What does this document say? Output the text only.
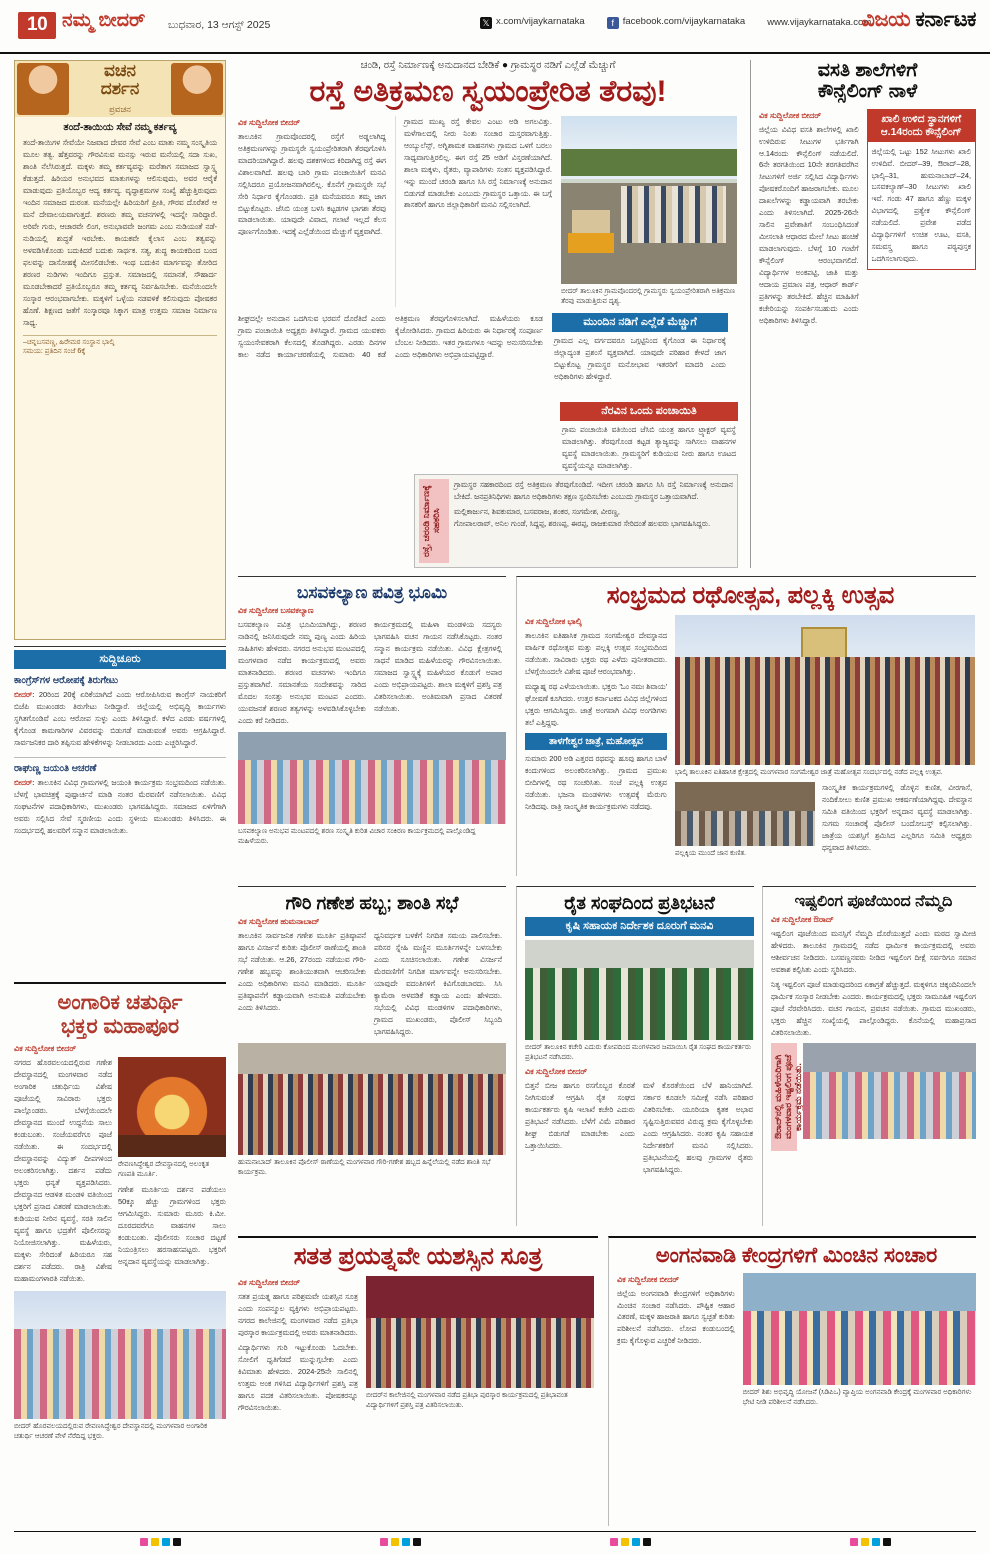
10 ನಮ್ಮ ಬೀದರ್ ಬುಧವಾರ, 13 ಆಗಸ್ಟ್ 2025	𝕏 x.com/vijaykarnataka	f facebook.com/vijaykarnataka www.vijaykarnataka.com
ವಿಜಯ ಕರ್ನಾಟಕ
ವಚನ
ದರ್ಶನ
ಪ್ರವಚನ
ತಂದೆ-ತಾಯಿಯ ಸೇವೆ ನಮ್ಮ ಕರ್ತವ್ಯ
ತಂದೆ-ತಾಯಿಗಳ ಸೇವೆಯೇ ನಿಜವಾದ ದೇವರ ಸೇವೆ ಎಂಬ ಮಾತು ನಮ್ಮ ಸಂಸ್ಕೃತಿಯ ಮೂಲ ತತ್ವ. ಹೆತ್ತವರನ್ನು ಗೌರವಿಸುವ ಮನಸ್ಸು ಇರುವ ಮನೆಯಲ್ಲಿ ಸದಾ ಸುಖ, ಶಾಂತಿ ನೆಲೆಸಿರುತ್ತದೆ. ಮಕ್ಕಳು ತಮ್ಮ ಕರ್ತವ್ಯವನ್ನು ಮರೆತಾಗ ಸಮಾಜದ ಸ್ವಾಸ್ಥ್ಯ ಕೆಡುತ್ತದೆ. ಹಿರಿಯರ ಅನುಭವದ ಮಾತುಗಳನ್ನು ಆಲಿಸುವುದು, ಅವರ ಆರೈಕೆ ಮಾಡುವುದು ಪ್ರತಿಯೊಬ್ಬರ ಆದ್ಯ ಕರ್ತವ್ಯ. ವೃದ್ಧಾಶ್ರಮಗಳ ಸಂಖ್ಯೆ ಹೆಚ್ಚುತ್ತಿರುವುದು ಇಂದಿನ ಸಮಾಜದ ದುರಂತ. ಮನೆಯಲ್ಲೇ ಹಿರಿಯರಿಗೆ ಪ್ರೀತಿ, ಗೌರವ ದೊರೆತರೆ ಆ ಮನೆ ದೇವಾಲಯವಾಗುತ್ತದೆ. ಶರಣರು ತಮ್ಮ ವಚನಗಳಲ್ಲಿ ಇದನ್ನೇ ಸಾರಿದ್ದಾರೆ. ಅರಿವೇ ಗುರು, ಆಚಾರವೇ ಲಿಂಗ, ಅನುಭಾವವೇ ಜಂಗಮ ಎಂಬ ನುಡಿಯಂತೆ ನಡೆ-ನುಡಿಯಲ್ಲಿ ಶುದ್ಧತೆ ಇರಬೇಕು. ಕಾಯಕವೇ ಕೈಲಾಸ ಎಂಬ ತತ್ವವನ್ನು ಅಳವಡಿಸಿಕೊಂಡು ಬದುಕಿದರೆ ಬದುಕು ಸಾರ್ಥಕ. ಸತ್ಯ, ಶುದ್ಧ ಕಾಯಕದಿಂದ ಬಂದ ಫಲವನ್ನು ದಾಸೋಹಕ್ಕೆ ಮೀಸಲಿಡಬೇಕು. ಇಂಥ ಬದುಕಿನ ಮಾರ್ಗವನ್ನು ತೋರಿದ ಶರಣರ ನುಡಿಗಳು ಇಂದಿಗೂ ಪ್ರಸ್ತುತ. ಸಮಾಜದಲ್ಲಿ ಸಮಾನತೆ, ಸೌಹಾರ್ದ ಮೂಡಬೇಕಾದರೆ ಪ್ರತಿಯೊಬ್ಬರೂ ತಮ್ಮ ಕರ್ತವ್ಯ ನಿರ್ವಹಿಸಬೇಕು. ಮನೆಯಿಂದಲೇ ಸಂಸ್ಕಾರ ಆರಂಭವಾಗಬೇಕು. ಮಕ್ಕಳಿಗೆ ಒಳ್ಳೆಯ ನಡವಳಿಕೆ ಕಲಿಸುವುದು ಪೋಷಕರ ಹೊಣೆ. ಶಿಕ್ಷಣದ ಜತೆಗೆ ಸಂಸ್ಕಾರವೂ ಸಿಕ್ಕಾಗ ಮಾತ್ರ ಉತ್ತಮ ಸಮಾಜ ನಿರ್ಮಾಣ ಸಾಧ್ಯ.
–ಚನ್ನಬಸವಣ್ಣ, ಹಿರೇಮಠ ಸಂಸ್ಥಾನ ಭಾಲ್ಕಿ
ಸಮಯ: ಪ್ರತಿದಿನ ಸಂಜೆ 6ಕ್ಕೆ
ಸುದ್ದಿಚೂರು
ಕಾಂಗ್ರೆಸ್‌ಗಳ ಆರೋಪಕ್ಕೆ ತಿರುಗೇಟು
ಬೀದರ್: 20ರಿಂದ 20ಕ್ಕೆ ಏರಿಕೆಯಾಗಿದೆ ಎಂದು ಆರೋಪಿಸಿರುವ ಕಾಂಗ್ರೆಸ್ ನಾಯಕರಿಗೆ ಬಿಜೆಪಿ ಮುಖಂಡರು ತಿರುಗೇಟು ನೀಡಿದ್ದಾರೆ. ಜಿಲ್ಲೆಯಲ್ಲಿ ಅಭಿವೃದ್ಧಿ ಕಾರ್ಯಗಳು ಸ್ಥಗಿತಗೊಂಡಿವೆ ಎಂಬ ಆರೋಪ ಸುಳ್ಳು ಎಂದು ತಿಳಿಸಿದ್ದಾರೆ. ಕಳೆದ ಎರಡು ವರ್ಷಗಳಲ್ಲಿ ಕೈಗೊಂಡ ಕಾಮಗಾರಿಗಳ ವಿವರವನ್ನು ಬಿಡುಗಡೆ ಮಾಡುವಂತೆ ಅವರು ಆಗ್ರಹಿಸಿದ್ದಾರೆ. ಸಾರ್ವಜನಿಕರ ದಾರಿ ತಪ್ಪಿಸುವ ಹೇಳಿಕೆಗಳನ್ನು ನೀಡಬಾರದು ಎಂದು ಎಚ್ಚರಿಸಿದ್ದಾರೆ.
ರಾಘುಣ್ಣ ಜಯಂತಿ ಆಚರಣೆ
ಬೀದರ್: ತಾಲೂಕಿನ ವಿವಿಧ ಗ್ರಾಮಗಳಲ್ಲಿ ಜಯಂತಿ ಕಾರ್ಯಕ್ರಮ ಸಂಭ್ರಮದಿಂದ ನಡೆಯಿತು. ಬೆಳಗ್ಗೆ ಭಾವಚಿತ್ರಕ್ಕೆ ಪುಷ್ಪಾರ್ಚನೆ ಮಾಡಿ ನಂತರ ಮೆರವಣಿಗೆ ನಡೆಸಲಾಯಿತು. ವಿವಿಧ ಸಂಘಟನೆಗಳ ಪದಾಧಿಕಾರಿಗಳು, ಮುಖಂಡರು ಭಾಗವಹಿಸಿದ್ದರು. ಸಮಾಜದ ಏಳಿಗೆಗಾಗಿ ಅವರು ಸಲ್ಲಿಸಿದ ಸೇವೆ ಸ್ಮರಣೀಯ ಎಂದು ಸ್ಥಳೀಯ ಮುಖಂಡರು ತಿಳಿಸಿದರು. ಈ ಸಂದರ್ಭದಲ್ಲಿ ಹಲವರಿಗೆ ಸನ್ಮಾನ ಮಾಡಲಾಯಿತು.
ಅಂಗಾರಿಕ ಚತುರ್ಥಿ
ಭಕ್ತರ ಮಹಾಪೂರ
ವಿಕ ಸುದ್ದಿಲೋಕ ಬೀದರ್
ನಗರದ ಹೊರವಲಯದಲ್ಲಿರುವ ಗಣೇಶ ದೇವಸ್ಥಾನದಲ್ಲಿ ಮಂಗಳವಾರ ನಡೆದ ಅಂಗಾರಿಕ ಚತುರ್ಥಿಯ ವಿಶೇಷ ಪೂಜೆಯಲ್ಲಿ ಸಾವಿರಾರು ಭಕ್ತರು ಪಾಲ್ಗೊಂಡರು. ಬೆಳಗ್ಗೆಯಿಂದಲೇ ದೇವಸ್ಥಾನದ ಮುಂದೆ ಉದ್ದನೆಯ ಸಾಲು ಕಂಡುಬಂತು. ಸಂಜೆಯವರೆಗೂ ಪೂಜೆ ನಡೆಯಿತು. ಈ ಸಂದರ್ಭದಲ್ಲಿ ದೇವಸ್ಥಾನವನ್ನು ವಿದ್ಯುತ್ ದೀಪಗಳಿಂದ ಅಲಂಕರಿಸಲಾಗಿತ್ತು. ದರ್ಶನ ಪಡೆದು ಭಕ್ತರು ಧನ್ಯತೆ ವ್ಯಕ್ತಪಡಿಸಿದರು. ದೇವಸ್ಥಾನದ ಆಡಳಿತ ಮಂಡಳಿ ವತಿಯಿಂದ ಭಕ್ತರಿಗೆ ಪ್ರಸಾದ ವಿತರಣೆ ಮಾಡಲಾಯಿತು. ಕುಡಿಯುವ ನೀರಿನ ವ್ಯವಸ್ಥೆ, ಸರತಿ ಸಾಲಿನ ವ್ಯವಸ್ಥೆ ಹಾಗೂ ಭದ್ರತೆಗೆ ಪೊಲೀಸರನ್ನು ನಿಯೋಜಿಸಲಾಗಿತ್ತು. ಮಹಿಳೆಯರು, ಮಕ್ಕಳು ಸೇರಿದಂತೆ ಹಿರಿಯರೂ ಸಹ ದರ್ಶನ ಪಡೆದರು. ರಾತ್ರಿ ವಿಶೇಷ ಮಹಾಮಂಗಳಾರತಿ ನಡೆಯಿತು.
ರೇವಣಸಿದ್ಧೇಶ್ವರ ದೇವಸ್ಥಾನದಲ್ಲಿ ಅಲಂಕೃತ ಗಣಪತಿ ಮೂರ್ತಿ.
ಗಣೇಶ ಮೂರ್ತಿಯ ದರ್ಶನ ಪಡೆಯಲು 50ಕ್ಕೂ ಹೆಚ್ಚು ಗ್ರಾಮಗಳಿಂದ ಭಕ್ತರು ಆಗಮಿಸಿದ್ದರು. ಸುಮಾರು ಮೂರು ಕಿ.ಮೀ. ದೂರದವರೆಗೂ ವಾಹನಗಳ ಸಾಲು ಕಂಡುಬಂತು. ಪೊಲೀಸರು ಸಂಚಾರ ದಟ್ಟಣೆ ನಿಯಂತ್ರಿಸಲು ಹರಸಾಹಸಪಟ್ಟರು. ಭಕ್ತರಿಗೆ ಅನ್ನದಾನ ವ್ಯವಸ್ಥೆಯನ್ನು ಮಾಡಲಾಗಿತ್ತು.
ಬೀದರ್ ಹೊರವಲಯದಲ್ಲಿರುವ ರೇವಣಸಿದ್ಧೇಶ್ವರ ದೇವಸ್ಥಾನದಲ್ಲಿ ಮಂಗಳವಾರ ಅಂಗಾರಿಕ ಚತುರ್ಥಿ ಆಚರಣೆ ವೇಳೆ ನೆರೆದಿದ್ದ ಭಕ್ತರು.
ಚಂಡಿ, ರಸ್ತೆ ನಿರ್ಮಾಣಕ್ಕೆ ಅನುದಾನದ ಬೇಡಿಕೆ ● ಗ್ರಾಮಸ್ಥರ ನಡಿಗೆ ಎಲ್ಲೆಡೆ ಮೆಚ್ಚುಗೆ
ರಸ್ತೆ ಅತಿಕ್ರಮಣ ಸ್ವಯಂಪ್ರೇರಿತ ತೆರವು!
ವಿಕ ಸುದ್ದಿಲೋಕ ಬೀದರ್
ತಾಲೂಕಿನ ಗ್ರಾಮವೊಂದರಲ್ಲಿ ರಸ್ತೆಗೆ ಅಡ್ಡಲಾಗಿದ್ದ ಅತಿಕ್ರಮಣಗಳನ್ನು ಗ್ರಾಮಸ್ಥರೇ ಸ್ವಯಂಪ್ರೇರಿತರಾಗಿ ತೆರವುಗೊಳಿಸಿ ಮಾದರಿಯಾಗಿದ್ದಾರೆ. ಹಲವು ದಶಕಗಳಿಂದ ಕಿರಿದಾಗಿದ್ದ ರಸ್ತೆ ಈಗ ವಿಶಾಲವಾಗಿದೆ. ಹಲವು ಬಾರಿ ಗ್ರಾಮ ಪಂಚಾಯಿತಿಗೆ ಮನವಿ ಸಲ್ಲಿಸಿದರೂ ಪ್ರಯೋಜನವಾಗಿರಲಿಲ್ಲ. ಕೊನೆಗೆ ಗ್ರಾಮಸ್ಥರೇ ಸಭೆ ಸೇರಿ ನಿರ್ಧಾರ ಕೈಗೊಂಡರು. ಪ್ರತಿ ಮನೆಯವರೂ ತಮ್ಮ ಜಾಗ ಬಿಟ್ಟುಕೊಟ್ಟರು. ಜೆಸಿಬಿ ಯಂತ್ರ ಬಳಸಿ ಕಟ್ಟಡಗಳ ಭಾಗಶಃ ತೆರವು ಮಾಡಲಾಯಿತು. ಯಾವುದೇ ವಿವಾದ, ಗಲಾಟೆ ಇಲ್ಲದೆ ಕೆಲಸ ಪೂರ್ಣಗೊಂಡಿತು. ಇದಕ್ಕೆ ಎಲ್ಲೆಡೆಯಿಂದ ಮೆಚ್ಚುಗೆ ವ್ಯಕ್ತವಾಗಿದೆ.
ಗ್ರಾಮದ ಮುಖ್ಯ ರಸ್ತೆ ಕೇವಲ ಎಂಟು ಅಡಿ ಅಗಲವಿತ್ತು. ಮಳೆಗಾಲದಲ್ಲಿ ನೀರು ನಿಂತು ಸಂಚಾರ ದುಸ್ತರವಾಗುತ್ತಿತ್ತು. ಆಂಬ್ಯುಲೆನ್ಸ್, ಅಗ್ನಿಶಾಮಕ ವಾಹನಗಳು ಗ್ರಾಮದ ಒಳಗೆ ಬರಲು ಸಾಧ್ಯವಾಗುತ್ತಿರಲಿಲ್ಲ. ಈಗ ರಸ್ತೆ 25 ಅಡಿಗೆ ವಿಸ್ತರಣೆಯಾಗಿದೆ. ಶಾಲಾ ಮಕ್ಕಳು, ರೈತರು, ವ್ಯಾಪಾರಿಗಳು ಸಂತಸ ವ್ಯಕ್ತಪಡಿಸಿದ್ದಾರೆ. ಇನ್ನು ಮುಂದೆ ಚರಂಡಿ ಹಾಗೂ ಸಿಸಿ ರಸ್ತೆ ನಿರ್ಮಾಣಕ್ಕೆ ಅನುದಾನ ಬಿಡುಗಡೆ ಮಾಡಬೇಕು ಎಂಬುದು ಗ್ರಾಮಸ್ಥರ ಒತ್ತಾಯ. ಈ ಬಗ್ಗೆ ಶಾಸಕರಿಗೆ ಹಾಗೂ ಜಿಲ್ಲಾಧಿಕಾರಿಗೆ ಮನವಿ ಸಲ್ಲಿಸಲಾಗಿದೆ.
ಬೀದರ್ ತಾಲೂಕಿನ ಗ್ರಾಮವೊಂದರಲ್ಲಿ ಗ್ರಾಮಸ್ಥರು ಸ್ವಯಂಪ್ರೇರಿತರಾಗಿ ಅತಿಕ್ರಮಣ ತೆರವು ಮಾಡುತ್ತಿರುವ ದೃಶ್ಯ.
ಶೀಘ್ರದಲ್ಲೇ ಅನುದಾನ ಒದಗಿಸುವ ಭರವಸೆ ದೊರೆತಿದೆ ಎಂದು ಗ್ರಾಮ ಪಂಚಾಯಿತಿ ಅಧ್ಯಕ್ಷರು ತಿಳಿಸಿದ್ದಾರೆ. ಗ್ರಾಮದ ಯುವಕರು ಸ್ವಯಂಸೇವಕರಾಗಿ ಕೆಲಸದಲ್ಲಿ ತೊಡಗಿದ್ದರು. ಎರಡು ದಿನಗಳ ಕಾಲ ನಡೆದ ಕಾರ್ಯಾಚರಣೆಯಲ್ಲಿ ಸುಮಾರು 40 ಕಡೆ ಅತಿಕ್ರಮಣ ತೆರವುಗೊಳಿಸಲಾಗಿದೆ. ಮಹಿಳೆಯರು ಕೂಡ ಕೈಜೋಡಿಸಿದರು. ಗ್ರಾಮದ ಹಿರಿಯರು ಈ ನಿರ್ಧಾರಕ್ಕೆ ಸಂಪೂರ್ಣ ಬೆಂಬಲ ನೀಡಿದರು. ಇತರ ಗ್ರಾಮಗಳೂ ಇದನ್ನು ಅನುಸರಿಸಬೇಕು ಎಂದು ಅಧಿಕಾರಿಗಳು ಅಭಿಪ್ರಾಯಪಟ್ಟಿದ್ದಾರೆ.
ಮುಂದಿನ ನಡಿಗೆ ಎಲ್ಲೆಡೆ ಮೆಚ್ಚುಗೆ
ಗ್ರಾಮದ ಎಲ್ಲ ವರ್ಗದವರೂ ಒಗ್ಗಟ್ಟಿನಿಂದ ಕೈಗೊಂಡ ಈ ನಿರ್ಧಾರಕ್ಕೆ ಜಿಲ್ಲಾದ್ಯಂತ ಪ್ರಶಂಸೆ ವ್ಯಕ್ತವಾಗಿದೆ. ಯಾವುದೇ ಪರಿಹಾರ ಕೇಳದೆ ಜಾಗ ಬಿಟ್ಟುಕೊಟ್ಟ ಗ್ರಾಮಸ್ಥರ ಮನೋಭಾವ ಇತರರಿಗೆ ಮಾದರಿ ಎಂದು ಅಧಿಕಾರಿಗಳು ಹೇಳಿದ್ದಾರೆ.
ನೆರವಿನ ಒಂದು ಪಂಚಾಯಿತಿ
ಗ್ರಾಮ ಪಂಚಾಯಿತಿ ವತಿಯಿಂದ ಜೆಸಿಬಿ ಯಂತ್ರ ಹಾಗೂ ಟ್ರ್ಯಾಕ್ಟರ್ ವ್ಯವಸ್ಥೆ ಮಾಡಲಾಗಿತ್ತು. ತೆರವುಗೊಂಡ ಕಟ್ಟಡ ತ್ಯಾಜ್ಯವನ್ನು ಸಾಗಿಸಲು ವಾಹನಗಳ ವ್ಯವಸ್ಥೆ ಮಾಡಲಾಯಿತು. ಗ್ರಾಮಸ್ಥರಿಗೆ ಕುಡಿಯುವ ನೀರು ಹಾಗೂ ಊಟದ ವ್ಯವಸ್ಥೆಯನ್ನೂ ಮಾಡಲಾಗಿತ್ತು.
ರಸ್ತೆ, ಚರಂಡಿ ನಿರ್ಮಾಣಕ್ಕೆ ಸಹಕರಿಸಿ
ಗ್ರಾಮಸ್ಥರ ಸಹಕಾರದಿಂದ ರಸ್ತೆ ಅತಿಕ್ರಮಣ ತೆರವುಗೊಂಡಿದೆ. ಇದೀಗ ಚರಂಡಿ ಹಾಗೂ ಸಿಸಿ ರಸ್ತೆ ನಿರ್ಮಾಣಕ್ಕೆ ಅನುದಾನ ಬೇಕಿದೆ. ಜನಪ್ರತಿನಿಧಿಗಳು ಹಾಗೂ ಅಧಿಕಾರಿಗಳು ತಕ್ಷಣ ಸ್ಪಂದಿಸಬೇಕು ಎಂಬುದು ಗ್ರಾಮಸ್ಥರ ಒತ್ತಾಯವಾಗಿದೆ.
ಮಲ್ಲಿಕಾರ್ಜುನ, ಶಿವಕುಮಾರ, ಬಸವರಾಜ, ಶಂಕರ, ಸಂಗಮೇಶ, ವೀರಣ್ಣ,
ಗೋಪಾಲರಾವ್, ಅನಿಲ ಗುಂಡೆ, ಸಿದ್ದಪ್ಪ, ಶರಣಪ್ಪ, ಈರಪ್ಪ, ರಾಜಕುಮಾರ ಸೇರಿದಂತೆ ಹಲವರು ಭಾಗವಹಿಸಿದ್ದರು.
ವಸತಿ ಶಾಲೆಗಳಿಗೆ
ಕೌನ್ಸೆಲಿಂಗ್ ನಾಳೆ
ವಿಕ ಸುದ್ದಿಲೋಕ ಬೀದರ್
ಜಿಲ್ಲೆಯ ವಿವಿಧ ವಸತಿ ಶಾಲೆಗಳಲ್ಲಿ ಖಾಲಿ ಉಳಿದಿರುವ ಸೀಟುಗಳ ಭರ್ತಿಗಾಗಿ ಆ.14ರಂದು ಕೌನ್ಸೆಲಿಂಗ್ ನಡೆಯಲಿದೆ. 6ನೇ ತರಗತಿಯಿಂದ 10ನೇ ತರಗತಿವರೆಗಿನ ಸೀಟುಗಳಿಗೆ ಅರ್ಜಿ ಸಲ್ಲಿಸಿದ ವಿದ್ಯಾರ್ಥಿಗಳು ಪೋಷಕರೊಂದಿಗೆ ಹಾಜರಾಗಬೇಕು. ಮೂಲ ದಾಖಲೆಗಳನ್ನು ಕಡ್ಡಾಯವಾಗಿ ತರಬೇಕು ಎಂದು ತಿಳಿಸಲಾಗಿದೆ. 2025-26ನೇ ಸಾಲಿನ ಪ್ರವೇಶಾತಿಗೆ ಸಂಬಂಧಿಸಿದಂತೆ ಮೀಸಲಾತಿ ಆಧಾರದ ಮೇಲೆ ಸೀಟು ಹಂಚಿಕೆ ಮಾಡಲಾಗುವುದು. ಬೆಳಗ್ಗೆ 10 ಗಂಟೆಗೆ ಕೌನ್ಸೆಲಿಂಗ್ ಆರಂಭವಾಗಲಿದೆ. ವಿದ್ಯಾರ್ಥಿಗಳ ಅಂಕಪಟ್ಟಿ, ಜಾತಿ ಮತ್ತು ಆದಾಯ ಪ್ರಮಾಣ ಪತ್ರ, ಆಧಾರ್ ಕಾರ್ಡ್ ಪ್ರತಿಗಳನ್ನು ತರಬೇಕಿದೆ. ಹೆಚ್ಚಿನ ಮಾಹಿತಿಗೆ ಕಚೇರಿಯನ್ನು ಸಂಪರ್ಕಿಸಬಹುದು ಎಂದು ಅಧಿಕಾರಿಗಳು ತಿಳಿಸಿದ್ದಾರೆ.
ಖಾಲಿ ಉಳಿದ ಸ್ಥಾನಗಳಿಗೆ ಆ.14ರಂದು ಕೌನ್ಸೆಲಿಂಗ್
ಜಿಲ್ಲೆಯಲ್ಲಿ ಒಟ್ಟು 152 ಸೀಟುಗಳು ಖಾಲಿ ಉಳಿದಿವೆ. ಬೀದರ್–39, ಔರಾದ್–28, ಭಾಲ್ಕಿ–31, ಹುಮನಾಬಾದ್–24, ಬಸವಕಲ್ಯಾಣ್–30 ಸೀಟುಗಳು ಖಾಲಿ ಇವೆ. ಗಂಡು 47 ಹಾಗೂ ಹೆಣ್ಣು ಮಕ್ಕಳ ವಿಭಾಗದಲ್ಲಿ ಪ್ರತ್ಯೇಕ ಕೌನ್ಸೆಲಿಂಗ್ ನಡೆಯಲಿದೆ. ಪ್ರವೇಶ ಪಡೆದ ವಿದ್ಯಾರ್ಥಿಗಳಿಗೆ ಉಚಿತ ಊಟ, ವಸತಿ, ಸಮವಸ್ತ್ರ ಹಾಗೂ ಪಠ್ಯಪುಸ್ತಕ ಒದಗಿಸಲಾಗುವುದು.
ಬಸವಕಲ್ಯಾಣ ಪವಿತ್ರ ಭೂಮಿ
ವಿಕ ಸುದ್ದಿಲೋಕ ಬಸವಕಲ್ಯಾಣ
ಬಸವಕಲ್ಯಾಣ ಪವಿತ್ರ ಭೂಮಿಯಾಗಿದ್ದು, ಶರಣರ ನಾಡಿನಲ್ಲಿ ಜನಿಸಿರುವುದೇ ನಮ್ಮ ಪುಣ್ಯ ಎಂದು ಹಿರಿಯ ಸಾಹಿತಿಗಳು ಹೇಳಿದರು. ನಗರದ ಅನುಭವ ಮಂಟಪದಲ್ಲಿ ಮಂಗಳವಾರ ನಡೆದ ಕಾರ್ಯಕ್ರಮದಲ್ಲಿ ಅವರು ಮಾತನಾಡಿದರು. ಶರಣರ ವಚನಗಳು ಇಂದಿಗೂ ಪ್ರಸ್ತುತವಾಗಿವೆ. ಸಮಾನತೆಯ ಸಂದೇಶವನ್ನು ಸಾರಿದ ಮೊದಲ ಸಂಸತ್ತು ಅನುಭವ ಮಂಟಪ ಎಂದರು. ಯುವಜನತೆ ಶರಣರ ತತ್ವಗಳನ್ನು ಅಳವಡಿಸಿಕೊಳ್ಳಬೇಕು ಎಂದು ಕರೆ ನೀಡಿದರು.
ಕಾರ್ಯಕ್ರಮದಲ್ಲಿ ಮಹಿಳಾ ಮಂಡಳಿಯ ಸದಸ್ಯರು ಭಾಗವಹಿಸಿ ವಚನ ಗಾಯನ ನಡೆಸಿಕೊಟ್ಟರು. ನಂತರ ಸನ್ಮಾನ ಕಾರ್ಯಕ್ರಮ ನಡೆಯಿತು. ವಿವಿಧ ಕ್ಷೇತ್ರಗಳಲ್ಲಿ ಸಾಧನೆ ಮಾಡಿದ ಮಹಿಳೆಯರನ್ನು ಗೌರವಿಸಲಾಯಿತು. ಸಮಾಜದ ಸ್ವಾಸ್ಥ್ಯಕ್ಕೆ ಮಹಿಳೆಯರ ಕೊಡುಗೆ ಅಪಾರ ಎಂದು ಅಭಿಪ್ರಾಯಪಟ್ಟರು. ಶಾಲಾ ಮಕ್ಕಳಿಗೆ ಪ್ರಶಸ್ತಿ ಪತ್ರ ವಿತರಿಸಲಾಯಿತು. ಅಂತಿಮವಾಗಿ ಪ್ರಸಾದ ವಿತರಣೆ ನಡೆಯಿತು.
ಬಸವಕಲ್ಯಾಣ ಅನುಭವ ಮಂಟಪದಲ್ಲಿ ಶರಣ ಸಂಸ್ಕೃತಿ ಕುರಿತ ವಿಚಾರ ಸಂಕಿರಣ ಕಾರ್ಯಕ್ರಮದಲ್ಲಿ ಪಾಲ್ಗೊಂಡಿದ್ದ ಮಹಿಳೆಯರು.
ಸಂಭ್ರಮದ ರಥೋತ್ಸವ, ಪಲ್ಲಕ್ಕಿ ಉತ್ಸವ
ವಿಕ ಸುದ್ದಿಲೋಕ ಭಾಲ್ಕಿ
ತಾಲೂಕಿನ ಐತಿಹಾಸಿಕ ಗ್ರಾಮದ ಸಂಗಮೇಶ್ವರ ದೇವಸ್ಥಾನದ ವಾರ್ಷಿಕ ರಥೋತ್ಸವ ಮತ್ತು ಪಲ್ಲಕ್ಕಿ ಉತ್ಸವ ಸಂಭ್ರಮದಿಂದ ನಡೆಯಿತು. ಸಾವಿರಾರು ಭಕ್ತರು ರಥ ಎಳೆದು ಪುನೀತರಾದರು. ಬೆಳಗ್ಗೆಯಿಂದಲೇ ವಿಶೇಷ ಪೂಜೆ ಆರಂಭವಾಗಿತ್ತು.
ಮಧ್ಯಾಹ್ನ ರಥ ಎಳೆಯಲಾಯಿತು. ಭಕ್ತರು 'ಓಂ ನಮಃ ಶಿವಾಯ' ಘೋಷಣೆ ಕೂಗಿದರು. ಉತ್ತರ ಕರ್ನಾಟಕದ ವಿವಿಧ ಜಿಲ್ಲೆಗಳಿಂದ ಭಕ್ತರು ಆಗಮಿಸಿದ್ದರು. ಜಾತ್ರೆ ಅಂಗವಾಗಿ ವಿವಿಧ ಅಂಗಡಿಗಳು ತಲೆ ಎತ್ತಿದ್ದವು.
ತಾಳಗೇಶ್ವರ ಜಾತ್ರೆ, ಮಹೋತ್ಸವ
ಸುಮಾರು 200 ಅಡಿ ಎತ್ತರದ ರಥವನ್ನು ಹೂವು ಹಾಗೂ ಬಾಳೆ ಕಂದುಗಳಿಂದ ಅಲಂಕರಿಸಲಾಗಿತ್ತು. ಗ್ರಾಮದ ಪ್ರಮುಖ ಬೀದಿಗಳಲ್ಲಿ ರಥ ಸಂಚರಿಸಿತು. ಸಂಜೆ ಪಲ್ಲಕ್ಕಿ ಉತ್ಸವ ನಡೆಯಿತು. ಭಜನಾ ಮಂಡಳಿಗಳು ಉತ್ಸವಕ್ಕೆ ಮೆರುಗು ನೀಡಿದವು. ರಾತ್ರಿ ಸಾಂಸ್ಕೃತಿಕ ಕಾರ್ಯಕ್ರಮಗಳು ನಡೆದವು.
ಭಾಲ್ಕಿ ತಾಲೂಕಿನ ಐತಿಹಾಸಿಕ ಕ್ಷೇತ್ರದಲ್ಲಿ ಮಂಗಳವಾರ ಸಂಗಮೇಶ್ವರ ಜಾತ್ರೆ ಮಹೋತ್ಸವ ಸಂದರ್ಭದಲ್ಲಿ ನಡೆದ ಪಲ್ಲಕ್ಕಿ ಉತ್ಸವ.
ಪಲ್ಲಕ್ಕಿಯ ಮುಂದೆ ಜಾನ ಕುಣಿತ.
ಸಾಂಸ್ಕೃತಿಕ ಕಾರ್ಯಕ್ರಮಗಳಲ್ಲಿ ಡೊಳ್ಳಿನ ಕುಣಿತ, ವೀರಗಾಸೆ, ನಂದಿಕೋಲು ಕುಣಿತ ಪ್ರಮುಖ ಆಕರ್ಷಣೆಯಾಗಿದ್ದವು. ದೇವಸ್ಥಾನ ಸಮಿತಿ ವತಿಯಿಂದ ಭಕ್ತರಿಗೆ ಅನ್ನದಾನ ವ್ಯವಸ್ಥೆ ಮಾಡಲಾಗಿತ್ತು. ಸುಗಮ ಸಂಚಾರಕ್ಕೆ ಪೊಲೀಸ್ ಬಂದೋಬಸ್ತ್ ಕಲ್ಪಿಸಲಾಗಿತ್ತು. ಜಾತ್ರೆಯ ಯಶಸ್ಸಿಗೆ ಶ್ರಮಿಸಿದ ಎಲ್ಲರಿಗೂ ಸಮಿತಿ ಅಧ್ಯಕ್ಷರು ಧನ್ಯವಾದ ತಿಳಿಸಿದರು.
ಗೌರಿ ಗಣೇಶ ಹಬ್ಬ; ಶಾಂತಿ ಸಭೆ
ವಿಕ ಸುದ್ದಿಲೋಕ ಹುಮನಾಬಾದ್
ತಾಲೂಕಿನ ಸಾರ್ವಜನಿಕ ಗಣೇಶ ಮೂರ್ತಿ ಪ್ರತಿಷ್ಠಾಪನೆ ಹಾಗೂ ವಿಸರ್ಜನೆ ಕುರಿತು ಪೊಲೀಸ್ ಠಾಣೆಯಲ್ಲಿ ಶಾಂತಿ ಸಭೆ ನಡೆಯಿತು. ಆ.26, 27ರಂದು ನಡೆಯುವ ಗೌರಿ-ಗಣೇಶ ಹಬ್ಬವನ್ನು ಶಾಂತಿಯುತವಾಗಿ ಆಚರಿಸಬೇಕು ಎಂದು ಅಧಿಕಾರಿಗಳು ಮನವಿ ಮಾಡಿದರು. ಮೂರ್ತಿ ಪ್ರತಿಷ್ಠಾಪನೆಗೆ ಕಡ್ಡಾಯವಾಗಿ ಅನುಮತಿ ಪಡೆಯಬೇಕು ಎಂದು ತಿಳಿಸಿದರು.
ಧ್ವನಿವರ್ಧಕ ಬಳಕೆಗೆ ನಿಗದಿತ ಸಮಯ ಪಾಲಿಸಬೇಕು. ಪರಿಸರ ಸ್ನೇಹಿ ಮಣ್ಣಿನ ಮೂರ್ತಿಗಳನ್ನೇ ಬಳಸಬೇಕು ಎಂದು ಸೂಚಿಸಲಾಯಿತು. ಗಣೇಶ ವಿಸರ್ಜನೆ ಮೆರವಣಿಗೆಗೆ ನಿಗದಿತ ಮಾರ್ಗವನ್ನೇ ಅನುಸರಿಸಬೇಕು. ಯಾವುದೇ ವದಂತಿಗಳಿಗೆ ಕಿವಿಗೊಡಬಾರದು. ಸಿಸಿ ಕ್ಯಾಮೆರಾ ಅಳವಡಿಕೆ ಕಡ್ಡಾಯ ಎಂದು ಹೇಳಿದರು. ಸಭೆಯಲ್ಲಿ ವಿವಿಧ ಮಂಡಳಿಗಳ ಪದಾಧಿಕಾರಿಗಳು, ಗ್ರಾಮದ ಮುಖಂಡರು, ಪೊಲೀಸ್ ಸಿಬ್ಬಂದಿ ಭಾಗವಹಿಸಿದ್ದರು.
ಹುಮನಾಬಾದ್ ತಾಲೂಕಿನ ಪೊಲೀಸ್ ಠಾಣೆಯಲ್ಲಿ ಮಂಗಳವಾರ ಗೌರಿ-ಗಣೇಶ ಹಬ್ಬದ ಹಿನ್ನೆಲೆಯಲ್ಲಿ ನಡೆದ ಶಾಂತಿ ಸಭೆ ಕಾರ್ಯಕ್ರಮ.
ರೈತ ಸಂಘದಿಂದ ಪ್ರತಿಭಟನೆ
ಕೃಷಿ ಸಹಾಯಕ ನಿರ್ದೇಶಕ ದೂರುಗೆ ಮನವಿ
ಬೀದರ್ ತಾಲೂಕಿನ ಕಚೇರಿ ಎದುರು ಕೋಪದಿಂದ ಮಂಗಳವಾರ ಜಮಾಯಿಸಿ ರೈತ ಸಂಘದ ಕಾರ್ಯಕರ್ತರು ಪ್ರತಿಭಟನೆ ನಡೆಸಿದರು.
ವಿಕ ಸುದ್ದಿಲೋಕ ಬೀದರ್
ಬಿತ್ತನೆ ಬೀಜ ಹಾಗೂ ರಸಗೊಬ್ಬರ ಕೊರತೆ ನೀಗಿಸುವಂತೆ ಆಗ್ರಹಿಸಿ ರೈತ ಸಂಘದ ಕಾರ್ಯಕರ್ತರು ಕೃಷಿ ಇಲಾಖೆ ಕಚೇರಿ ಎದುರು ಪ್ರತಿಭಟನೆ ನಡೆಸಿದರು. ಬೆಳೆಗೆ ವಿಮೆ ಪರಿಹಾರ ಶೀಘ್ರ ಬಿಡುಗಡೆ ಮಾಡಬೇಕು ಎಂದು ಒತ್ತಾಯಿಸಿದರು.
ಮಳೆ ಕೊರತೆಯಿಂದ ಬೆಳೆ ಹಾನಿಯಾಗಿದೆ. ಸರ್ಕಾರ ಕೂಡಲೇ ಸಮೀಕ್ಷೆ ನಡೆಸಿ ಪರಿಹಾರ ವಿತರಿಸಬೇಕು. ಯೂರಿಯಾ ಕೃತಕ ಅಭಾವ ಸೃಷ್ಟಿಸುತ್ತಿರುವವರ ವಿರುದ್ಧ ಕ್ರಮ ಕೈಗೊಳ್ಳಬೇಕು ಎಂದು ಆಗ್ರಹಿಸಿದರು. ನಂತರ ಕೃಷಿ ಸಹಾಯಕ ನಿರ್ದೇಶಕರಿಗೆ ಮನವಿ ಸಲ್ಲಿಸಿದರು. ಪ್ರತಿಭಟನೆಯಲ್ಲಿ ಹಲವು ಗ್ರಾಮಗಳ ರೈತರು ಭಾಗವಹಿಸಿದ್ದರು.
ಇಷ್ಟಲಿಂಗ ಪೂಜೆಯಿಂದ ನೆಮ್ಮದಿ
ವಿಕ ಸುದ್ದಿಲೋಕ ಔರಾದ್
ಇಷ್ಟಲಿಂಗ ಪೂಜೆಯಿಂದ ಮನಸ್ಸಿಗೆ ನೆಮ್ಮದಿ ದೊರೆಯುತ್ತದೆ ಎಂದು ಮಠದ ಸ್ವಾಮೀಜಿ ಹೇಳಿದರು. ತಾಲೂಕಿನ ಗ್ರಾಮದಲ್ಲಿ ನಡೆದ ಧಾರ್ಮಿಕ ಕಾರ್ಯಕ್ರಮದಲ್ಲಿ ಅವರು ಆಶೀರ್ವಚನ ನೀಡಿದರು. ಬಸವಣ್ಣನವರು ನೀಡಿದ ಇಷ್ಟಲಿಂಗ ದೀಕ್ಷೆ ಸರ್ವರಿಗೂ ಸಮಾನ ಅವಕಾಶ ಕಲ್ಪಿಸಿತು ಎಂದು ಸ್ಮರಿಸಿದರು.
ನಿತ್ಯ ಇಷ್ಟಲಿಂಗ ಪೂಜೆ ಮಾಡುವುದರಿಂದ ಏಕಾಗ್ರತೆ ಹೆಚ್ಚುತ್ತದೆ. ಮಕ್ಕಳಿಗೂ ಚಿಕ್ಕಂದಿನಿಂದಲೇ ಧಾರ್ಮಿಕ ಸಂಸ್ಕಾರ ನೀಡಬೇಕು ಎಂದರು. ಕಾರ್ಯಕ್ರಮದಲ್ಲಿ ಭಕ್ತರು ಸಾಮೂಹಿಕ ಇಷ್ಟಲಿಂಗ ಪೂಜೆ ನೆರವೇರಿಸಿದರು. ವಚನ ಗಾಯನ, ಪ್ರವಚನ ನಡೆಯಿತು. ಗ್ರಾಮದ ಮುಖಂಡರು, ಭಕ್ತರು ಹೆಚ್ಚಿನ ಸಂಖ್ಯೆಯಲ್ಲಿ ಪಾಲ್ಗೊಂಡಿದ್ದರು. ಕೊನೆಯಲ್ಲಿ ಮಹಾಪ್ರಸಾದ ವಿತರಿಸಲಾಯಿತು.
ಔರಾದ್‌ನಲ್ಲಿ ಮಹಿಳೆಯರಿಗಾಗಿ ಮಂಗಳವಾರ ಇಷ್ಟಲಿಂಗ ಪೂಜೆ ಕಾರ್ಯಕ್ರಮ ನಡೆಯಿತು.
ಸತತ ಪ್ರಯತ್ನವೇ ಯಶಸ್ಸಿನ ಸೂತ್ರ
ವಿಕ ಸುದ್ದಿಲೋಕ ಬೀದರ್
ಸತತ ಪ್ರಯತ್ನ ಹಾಗೂ ಪರಿಶ್ರಮವೇ ಯಶಸ್ಸಿನ ಸೂತ್ರ ಎಂದು ಸಂಪನ್ಮೂಲ ವ್ಯಕ್ತಿಗಳು ಅಭಿಪ್ರಾಯಪಟ್ಟರು. ನಗರದ ಕಾಲೇಜಿನಲ್ಲಿ ಮಂಗಳವಾರ ನಡೆದ ಪ್ರತಿಭಾ ಪುರಸ್ಕಾರ ಕಾರ್ಯಕ್ರಮದಲ್ಲಿ ಅವರು ಮಾತನಾಡಿದರು.
ವಿದ್ಯಾರ್ಥಿಗಳು ಗುರಿ ಇಟ್ಟುಕೊಂಡು ಓದಬೇಕು. ಸೋಲಿಗೆ ಧೃತಿಗೆಡದೆ ಮುನ್ನುಗ್ಗಬೇಕು ಎಂದು ಕಿವಿಮಾತು ಹೇಳಿದರು. 2024-25ನೇ ಸಾಲಿನಲ್ಲಿ ಉತ್ತಮ ಅಂಕ ಗಳಿಸಿದ ವಿದ್ಯಾರ್ಥಿಗಳಿಗೆ ಪ್ರಶಸ್ತಿ ಪತ್ರ ಹಾಗೂ ಪದಕ ವಿತರಿಸಲಾಯಿತು. ಪೋಷಕರನ್ನೂ ಗೌರವಿಸಲಾಯಿತು.
ಬೀದರ್‌ನ ಕಾಲೇಜಿನಲ್ಲಿ ಮಂಗಳವಾರ ನಡೆದ ಪ್ರತಿಭಾ ಪುರಸ್ಕಾರ ಕಾರ್ಯಕ್ರಮದಲ್ಲಿ ಪ್ರತಿಭಾವಂತ ವಿದ್ಯಾರ್ಥಿಗಳಿಗೆ ಪ್ರಶಸ್ತಿ ಪತ್ರ ವಿತರಿಸಲಾಯಿತು.
ಅಂಗನವಾಡಿ ಕೇಂದ್ರಗಳಿಗೆ ಮಿಂಚಿನ ಸಂಚಾರ
ವಿಕ ಸುದ್ದಿಲೋಕ ಬೀದರ್
ಜಿಲ್ಲೆಯ ಅಂಗನವಾಡಿ ಕೇಂದ್ರಗಳಿಗೆ ಅಧಿಕಾರಿಗಳು ಮಿಂಚಿನ ಸಂಚಾರ ನಡೆಸಿದರು. ಪೌಷ್ಟಿಕ ಆಹಾರ ವಿತರಣೆ, ಮಕ್ಕಳ ಹಾಜರಾತಿ ಹಾಗೂ ಸ್ವಚ್ಛತೆ ಕುರಿತು ಪರಿಶೀಲನೆ ನಡೆಸಿದರು. ಲೋಪ ಕಂಡುಬಂದಲ್ಲಿ ಕ್ರಮ ಕೈಗೊಳ್ಳುವ ಎಚ್ಚರಿಕೆ ನೀಡಿದರು.
ಬೀದರ್ ಶಿಶು ಅಭಿವೃದ್ಧಿ ಯೋಜನೆ (ಸಿಡಿಪಿಒ) ವ್ಯಾಪ್ತಿಯ ಅಂಗನವಾಡಿ ಕೇಂದ್ರಕ್ಕೆ ಮಂಗಳವಾರ ಅಧಿಕಾರಿಗಳು ಭೇಟಿ ನೀಡಿ ಪರಿಶೀಲನೆ ನಡೆಸಿದರು.
